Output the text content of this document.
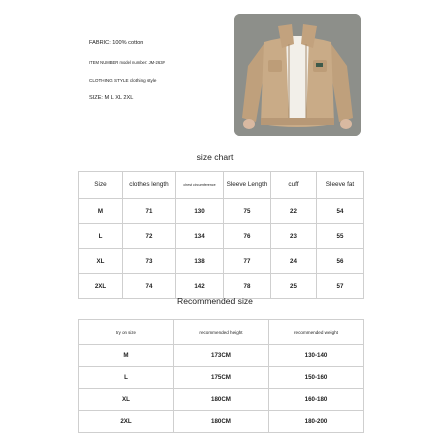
FABRIC: 100% cotton
ITEM NUMBER model number: JM-263#
CLOTHING STYLE clothing style
SIZE: M L XL 2XL
size chart
Size	clothes length	chest circumference	Sleeve Length	cuff	Sleeve fat
M	71	130	75	22	54
L	72	134	76	23	55
XL	73	138	77	24	56
2XL	74	142	78	25	57
Recommended size
try on size	recommended height	recommended weight
M	173CM	130-140
L	175CM	150-160
XL	180CM	160-180
2XL	180CM	180-200
